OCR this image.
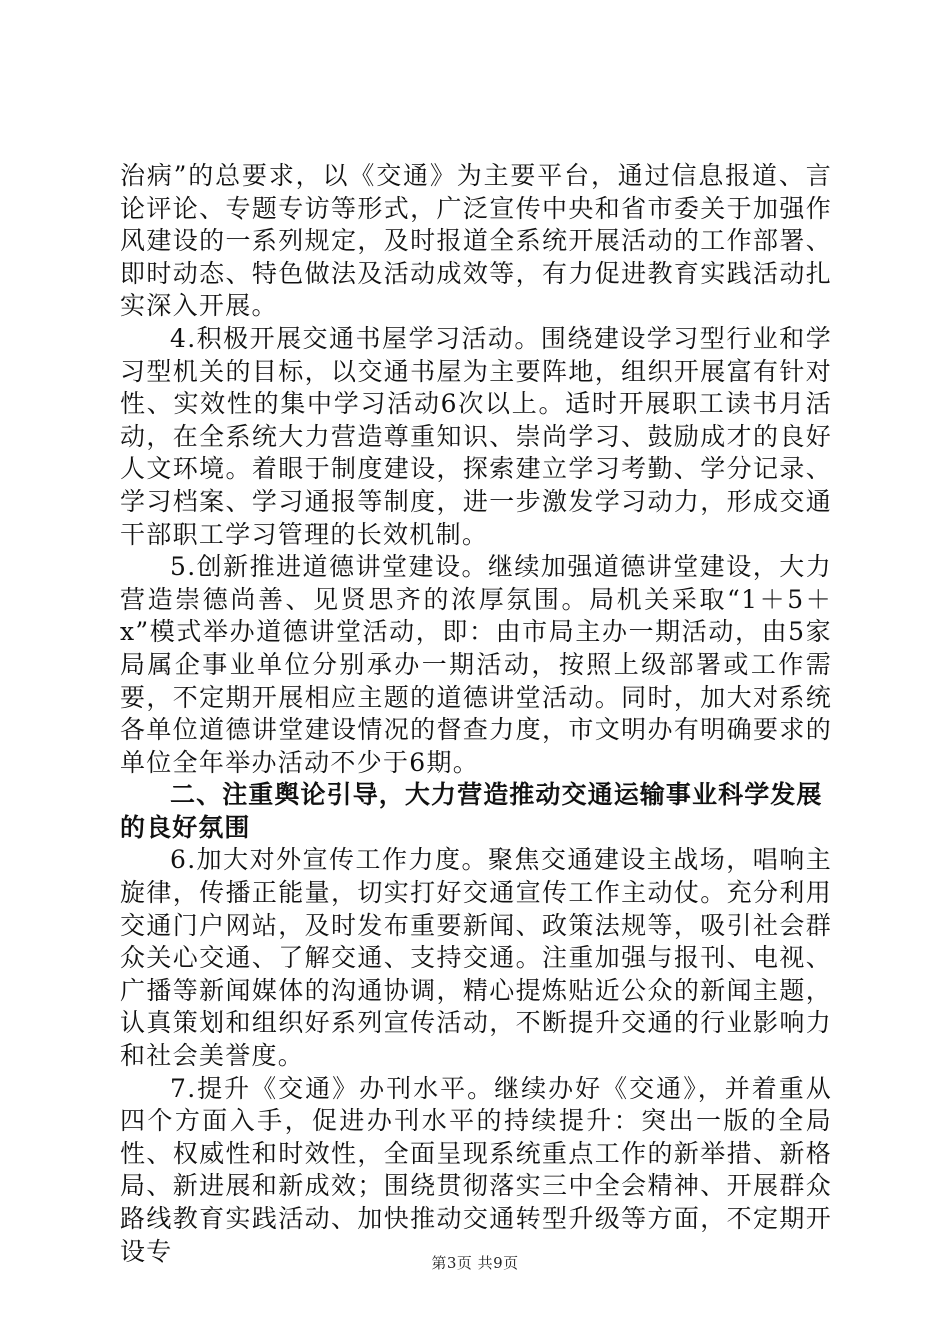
治病”的总要求，以《交通》为主要平台，通过信息报道、言论评论、专题专访等形式，广泛宣传中央和省市委关于加强作风建设的一系列规定，及时报道全系统开展活动的工作部署、即时动态、特色做法及活动成效等，有力促进教育实践活动扎实深入开展。

4.积极开展交通书屋学习活动。围绕建设学习型行业和学习型机关的目标，以交通书屋为主要阵地，组织开展富有针对性、实效性的集中学习活动6次以上。适时开展职工读书月活动，在全系统大力营造尊重知识、崇尚学习、鼓励成才的良好人文环境。着眼于制度建设，探索建立学习考勤、学分记录、学习档案、学习通报等制度，进一步激发学习动力，形成交通干部职工学习管理的长效机制。

5.创新推进道德讲堂建设。继续加强道德讲堂建设，大力营造崇德尚善、见贤思齐的浓厚氛围。局机关采取“1＋5＋x”模式举办道德讲堂活动，即：由市局主办一期活动，由5家局属企事业单位分别承办一期活动，按照上级部署或工作需要，不定期开展相应主题的道德讲堂活动。同时，加大对系统各单位道德讲堂建设情况的督查力度，市文明办有明确要求的单位全年举办活动不少于6期。

二、注重舆论引导，大力营造推动交通运输事业科学发展的良好氛围

6.加大对外宣传工作力度。聚焦交通建设主战场，唱响主旋律，传播正能量，切实打好交通宣传工作主动仗。充分利用交通门户网站，及时发布重要新闻、政策法规等，吸引社会群众关心交通、了解交通、支持交通。注重加强与报刊、电视、广播等新闻媒体的沟通协调，精心提炼贴近公众的新闻主题，认真策划和组织好系列宣传活动，不断提升交通的行业影响力和社会美誉度。

7.提升《交通》办刊水平。继续办好《交通》，并着重从四个方面入手，促进办刊水平的持续提升：突出一版的全局性、权威性和时效性，全面呈现系统重点工作的新举措、新格局、新进展和新成效；围绕贯彻落实三中全会精神、开展群众路线教育实践活动、加快推动交通转型升级等方面，不定期开设专	第3页 共9页
